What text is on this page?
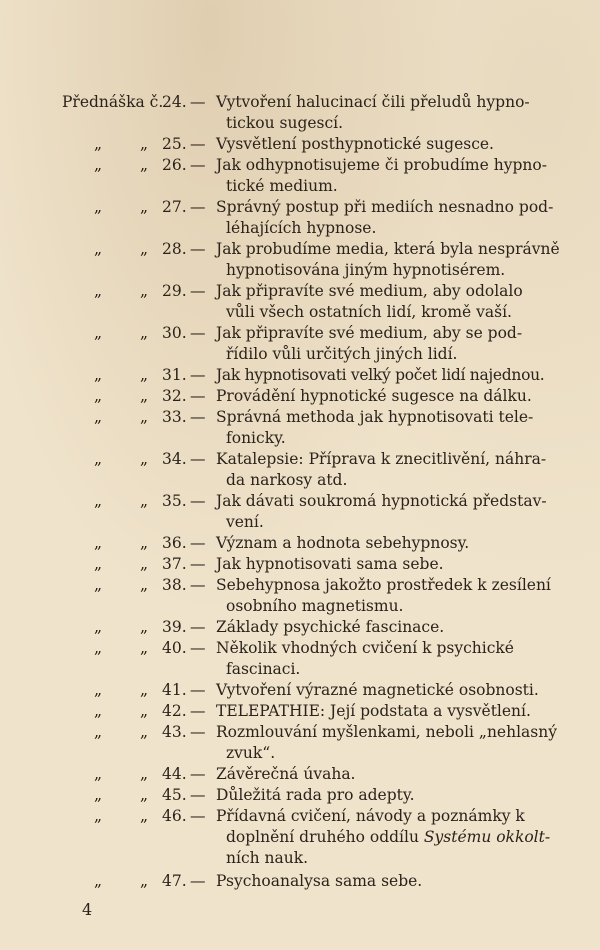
Přednáška č.
24. — Vytvoření halucinací čili přeludů hypno-
tickou sugescí.
„ „ 25. — Vysvětlení posthypnotické sugesce.
„ „ 26. — Jak odhypnotisujeme či probudíme hypno-
tické medium.
„ „ 27. — Správný postup při mediích nesnadno pod-
léhajících hypnose.
„ „ 28. — Jak probudíme media, která byla nesprávně
hypnotisována jiným hypnotisérem.
„ „ 29. — Jak připravíte své medium, aby odolalo
vůli všech ostatních lidí, kromě vaší.
„ „ 30. — Jak připravíte své medium, aby se pod-
řídilo vůli určitých jiných lidí.
„ „ 31. — Jak hypnotisovati velký počet lidí najednou.
„ „ 32. — Provádění hypnotické sugesce na dálku.
„ „ 33. — Správná methoda jak hypnotisovati tele-
fonicky.
„ „ 34. — Katalepsie: Příprava k znecitlivění, náhra-
da narkosy atd.
„ „ 35. — Jak dávati soukromá hypnotická představ-
vení.
„ „ 36. — Význam a hodnota sebehypnosy.
„ „ 37. — Jak hypnotisovati sama sebe.
„ „ 38. — Sebehypnosa jakožto prostředek k zesílení
osobního magnetismu.
„ „ 39. — Základy psychické fascinace.
„ „ 40. — Několik vhodných cvičení k psychické
fascinaci.
„ „ 41. — Vytvoření výrazné magnetické osobnosti.
„ „ 42. — TELEPATHIE: Její podstata a vysvětlení.
„ „ 43. — Rozmlouvání myšlenkami, neboli „nehlasný
zvuk“.
„ „ 44. — Závěrečná úvaha.
„ „ 45. — Důležitá rada pro adepty.
„ „ 46. — Přídavná cvičení, návody a poznámky k
doplnění druhého oddílu Systému okkolt-
ních nauk.
„ „ 47. — Psychoanalysa sama sebe.
4
